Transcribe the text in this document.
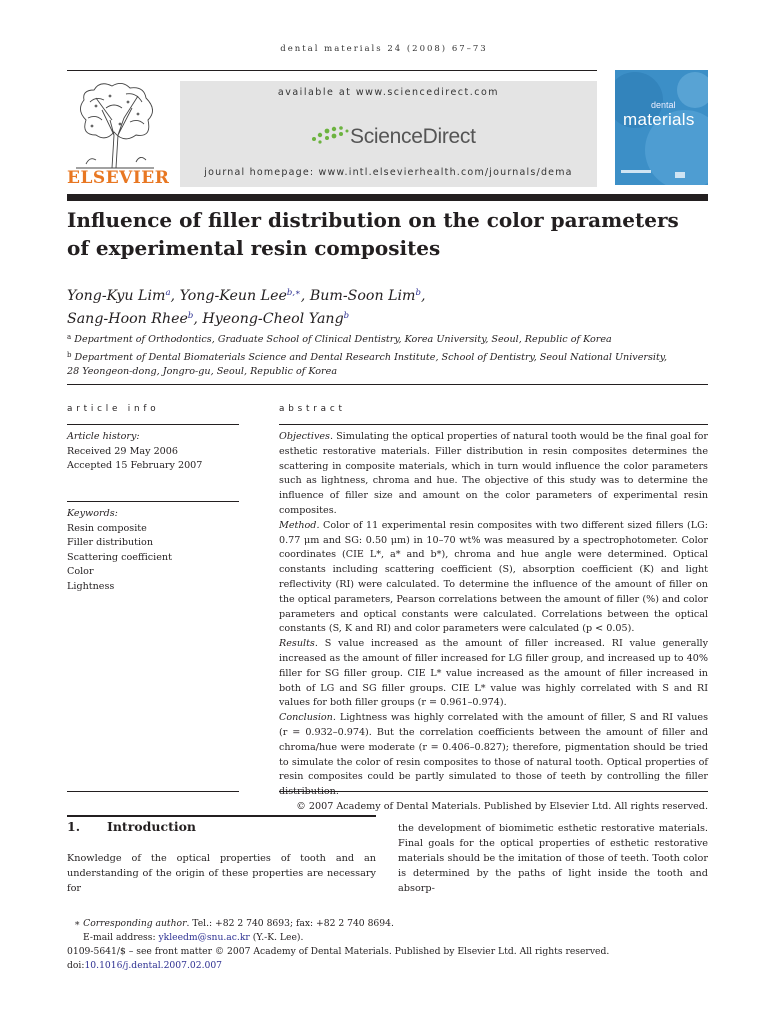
dental materials 24 (2008) 67–73
ELSEVIER
available at www.sciencedirect.com
ScienceDirect
journal homepage: www.intl.elsevierhealth.com/journals/dema
dental
materials
Influence of filler distribution on the color parameters
of experimental resin composites
Yong-Kyu Lim$^a$, Yong-Keun Lee$^{b,∗}$, Bum-Soon Lim$^b$,
Sang-Hoon Rhee$^b$, Hyeong-Cheol Yang$^b$
$^a$ Department of Orthodontics, Graduate School of Clinical Dentistry, Korea University, Seoul, Republic of Korea
$^b$ Department of Dental Biomaterials Science and Dental Research Institute, School of Dentistry, Seoul National University,
28 Yeongeon-dong, Jongro-gu, Seoul, Republic of Korea
article info
Article history:
Received 29 May 2006
Accepted 15 February 2007
Keywords:
Resin composite
Filler distribution
Scattering coefficient
Color
Lightness
abstract

Objectives. Simulating the optical properties of natural tooth would be the final goal for esthetic restorative materials. Filler distribution in resin composites determines the scattering in composite materials, which in turn would influence the color parameters such as lightness, chroma and hue. The objective of this study was to determine the influence of filler size and amount on the color parameters of experimental resin composites.

Method. Color of 11 experimental resin composites with two different sized fillers (LG: 0.77 μm and SG: 0.50 μm) in 10–70 wt% was measured by a spectrophotometer. Color coordinates (CIE L*, a* and b*), chroma and hue angle were determined. Optical constants including scattering coefficient (S), absorption coefficient (K) and light reflectivity (RI) were calculated. To determine the influence of the amount of filler on the optical parameters, Pearson correlations between the amount of filler (%) and color parameters and optical constants were calculated. Correlations between the optical constants (S, K and RI) and color parameters were calculated (p < 0.05).

Results. S value increased as the amount of filler increased. RI value generally increased as the amount of filler increased for LG filler group, and increased up to 40% filler for SG filler group. CIE L* value increased as the amount of filler increased in both of LG and SG filler groups. CIE L* value was highly correlated with S and RI values for both filler groups (r = 0.961–0.974).

Conclusion. Lightness was highly correlated with the amount of filler, S and RI values (r = 0.932–0.974). But the correlation coefficients between the amount of filler and chroma/hue were moderate (r = 0.406–0.827); therefore, pigmentation should be tried to simulate the color of resin composites to those of natural tooth. Optical properties of resin composites could be partly simulated to those of teeth by controlling the filler

© 2007 Academy of Dental Materials. Published by Elsevier Ltd. All rights reserved.

1. Introduction
Knowledge of the optical properties of tooth and an understanding of the origin of these properties are necessary for
the development of biomimetic esthetic restorative materials. Final goals for the optical properties of esthetic restorative materials should be the imitation of those of teeth. Tooth color is determined by the paths of light inside the tooth and absorp-
∗ Corresponding author. Tel.: +82 2 740 8693; fax: +82 2 740 8694.
E-mail address: ykleedm@snu.ac.kr (Y.-K. Lee).
0109-5641/$ – see front matter © 2007 Academy of Dental Materials. Published by Elsevier Ltd. All rights reserved.
doi:10.1016/j.dental.2007.02.007
